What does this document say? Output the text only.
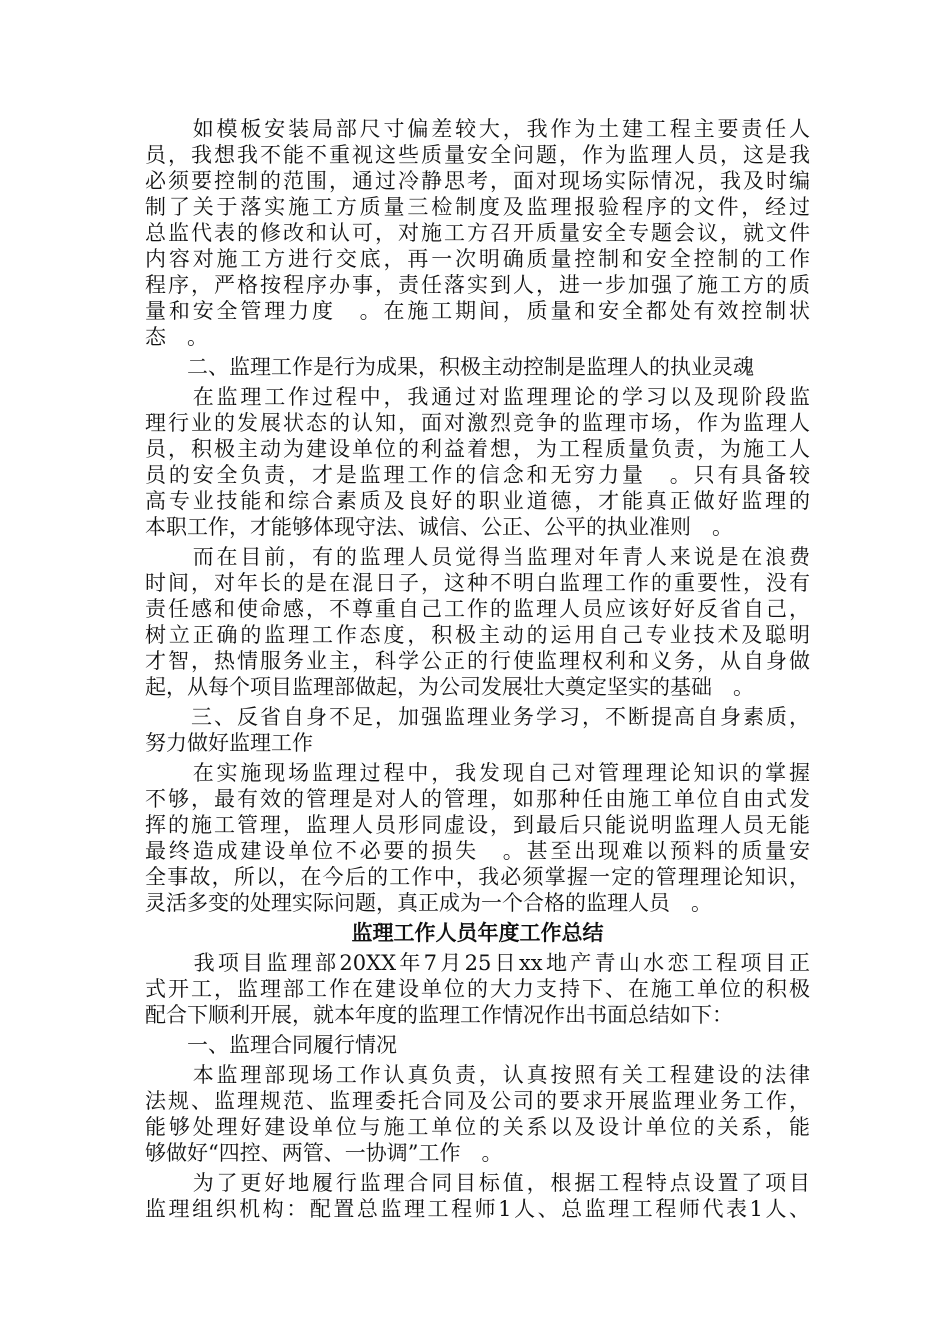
　　如模板安装局部尺寸偏差较大，我作为土建工程主要责任人
员，我想我不能不重视这些质量安全问题，作为监理人员，这是我
必须要控制的范围，通过冷静思考，面对现场实际情况，我及时编
制了关于落实施工方质量三检制度及监理报验程序的文件，经过
总监代表的修改和认可，对施工方召开质量安全专题会议，就文件
内容对施工方进行交底，再一次明确质量控制和安全控制的工作
程序，严格按程序办事，责任落实到人，进一步加强了施工方的质
量和安全管理力度　。在施工期间，质量和安全都处有效控制状
态　。
　　二、监理工作是行为成果，积极主动控制是监理人的执业灵魂
　　在监理工作过程中，我通过对监理理论的学习以及现阶段监
理行业的发展状态的认知，面对激烈竞争的监理市场，作为监理人
员，积极主动为建设单位的利益着想，为工程质量负责，为施工人
员的安全负责，才是监理工作的信念和无穷力量　。只有具备较
高专业技能和综合素质及良好的职业道德，才能真正做好监理的
本职工作，才能够体现守法、诚信、公正、公平的执业准则　。
　　而在目前，有的监理人员觉得当监理对年青人来说是在浪费
时间，对年长的是在混日子，这种不明白监理工作的重要性，没有
责任感和使命感，不尊重自己工作的监理人员应该好好反省自己，
树立正确的监理工作态度，积极主动的运用自己专业技术及聪明
才智，热情服务业主，科学公正的行使监理权利和义务，从自身做
起，从每个项目监理部做起，为公司发展壮大奠定坚实的基础　。
　　三、反省自身不足，加强监理业务学习，不断提高自身素质，
努力做好监理工作
　　在实施现场监理过程中，我发现自己对管理理论知识的掌握
不够，最有效的管理是对人的管理，如那种任由施工单位自由式发
挥的施工管理，监理人员形同虚设，到最后只能说明监理人员无能
最终造成建设单位不必要的损失　。甚至出现难以预料的质量安
全事故，所以，在今后的工作中，我必须掌握一定的管理理论知识，
灵活多变的处理实际问题，真正成为一个合格的监理人员　。
监理工作人员年度工作总结
　　我项目监理部20XX年7月25日xx地产青山水恋工程项目正
式开工，监理部工作在建设单位的大力支持下、在施工单位的积极
配合下顺利开展，就本年度的监理工作情况作出书面总结如下：
　　一、监理合同履行情况
　　本监理部现场工作认真负责，认真按照有关工程建设的法律
法规、监理规范、监理委托合同及公司的要求开展监理业务工作，
能够处理好建设单位与施工单位的关系以及设计单位的关系，能
够做好“四控、两管、一协调”工作　。
　　为了更好地履行监理合同目标值，根据工程特点设置了项目
监理组织机构：配置总监理工程师1人、总监理工程师代表1人、
